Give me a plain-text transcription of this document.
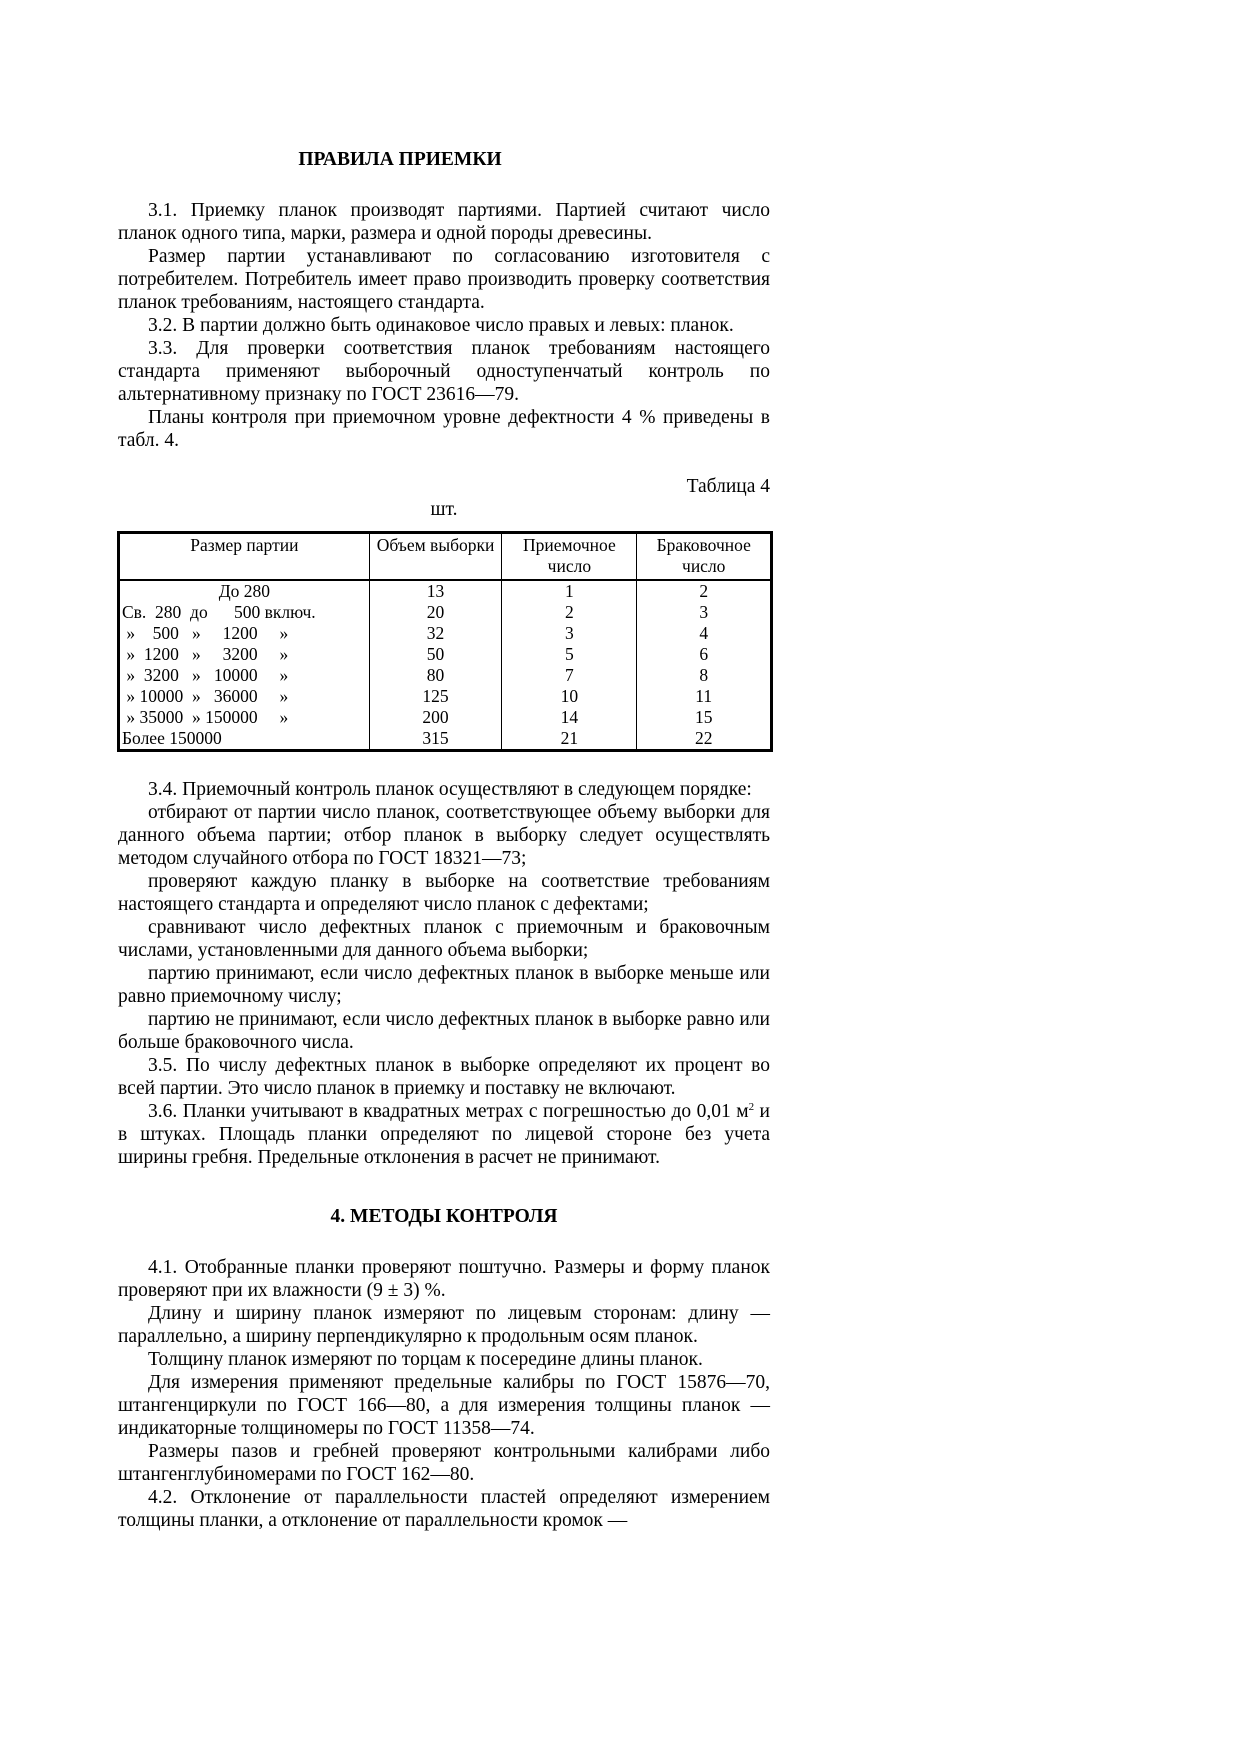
ПРАВИЛА ПРИЕМКИ

3.1. Приемку планок производят партиями. Партией считают число планок одного типа, марки, размера и одной породы древесины.

Размер партии устанавливают по согласованию изготовителя с потребителем. Потребитель имеет право производить проверку соответствия планок требованиям, настоящего стандарта.

3.2. В партии должно быть одинаковое число правых и левых: планок.

3.3. Для проверки соответствия планок требованиям настоящего стандарта применяют выборочный одноступенчатый контроль по альтернативному признаку по ГОСТ 23616—79.

Планы контроля при приемочном уровне дефектности 4 % приведены в табл. 4.

Таблица 4
шт.
Размер партии	Объем выборки	Приемочное число	Браковочное число
До 280	13	1	2
Св.  280  до      500 включ.	20	2	3
»    500   »     1200     »	32	3	4
»  1200   »     3200     »	50	5	6
»  3200   »   10000     »	80	7	8
» 10000  »   36000     »	125	10	11
» 35000  » 150000     »	200	14	15
Более 150000	315	21	22

3.4. Приемочный контроль планок осуществляют в следующем порядке:

отбирают от партии число планок, соответствующее объему выборки для данного объема партии; отбор планок в выборку следует осуществлять методом случайного отбора по ГОСТ 18321—73;

проверяют каждую планку в выборке на соответствие требованиям настоящего стандарта и определяют число планок с дефектами;

сравнивают число дефектных планок с приемочным и браковочным числами, установленными для данного объема выборки;

партию принимают, если число дефектных планок в выборке меньше или равно приемочному числу;

партию не принимают, если число дефектных планок в выборке равно или больше браковочного числа.

3.5. По числу дефектных планок в выборке определяют их процент во всей партии. Это число планок в приемку и поставку не включают.

3.6. Планки учитывают в квадратных метрах с погрешностью до 0,01 $м^2$ и в штуках. Площадь планки определяют по лицевой стороне без учета ширины гребня. Предельные отклонения в расчет не принимают.

4. МЕТОДЫ КОНТРОЛЯ

4.1. Отобранные планки проверяют поштучно. Размеры и форму планок проверяют при их влажности (9 ± 3) %.

Длину и ширину планок измеряют по лицевым сторонам: длину — параллельно, а ширину перпендикулярно к продольным осям планок.

Толщину планок измеряют по торцам к посередине длины планок.

Для измерения применяют предельные калибры по ГОСТ 15876—70, штангенциркули по ГОСТ 166—80, а для измерения толщины планок — индикаторные толщиномеры по ГОСТ 11358—74.

Размеры пазов и гребней проверяют контрольными калибрами либо штангенглубиномерами по ГОСТ 162—80.

4.2. Отклонение от параллельности пластей определяют измерением толщины планки, а отклонение от параллельности кромок —
